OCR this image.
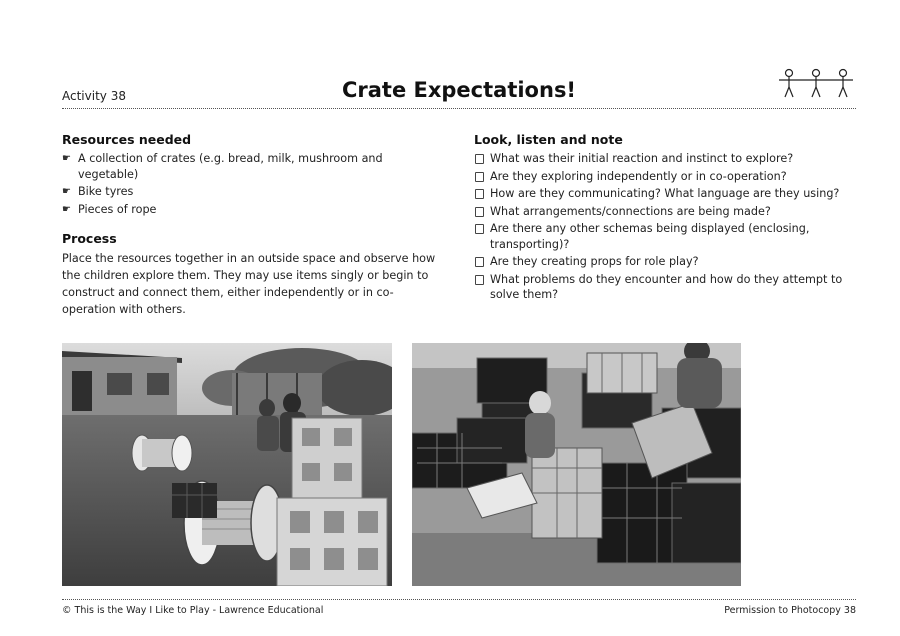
Activity 38	Crate Expectations!
Resources needed
☛ A collection of crates (e.g. bread, milk, mushroom and vegetable)
☛ Bike tyres
☛ Pieces of rope
Process

Place the resources together in an outside space and observe how the children explore them. They may use items singly or begin to construct and connect them, either independently or in co-operation with others.

Look, listen and note
What was their initial reaction and instinct to explore?
Are they exploring independently or in co-operation?
How are they communicating? What language are they using?
What arrangements/connections are being made?
Are there any other schemas being displayed (enclosing, transporting)?
Are they creating props for role play?
What problems do they encounter and how do they attempt to solve them?
© This is the Way I Like to Play - Lawrence Educational	Permission to Photocopy 38
